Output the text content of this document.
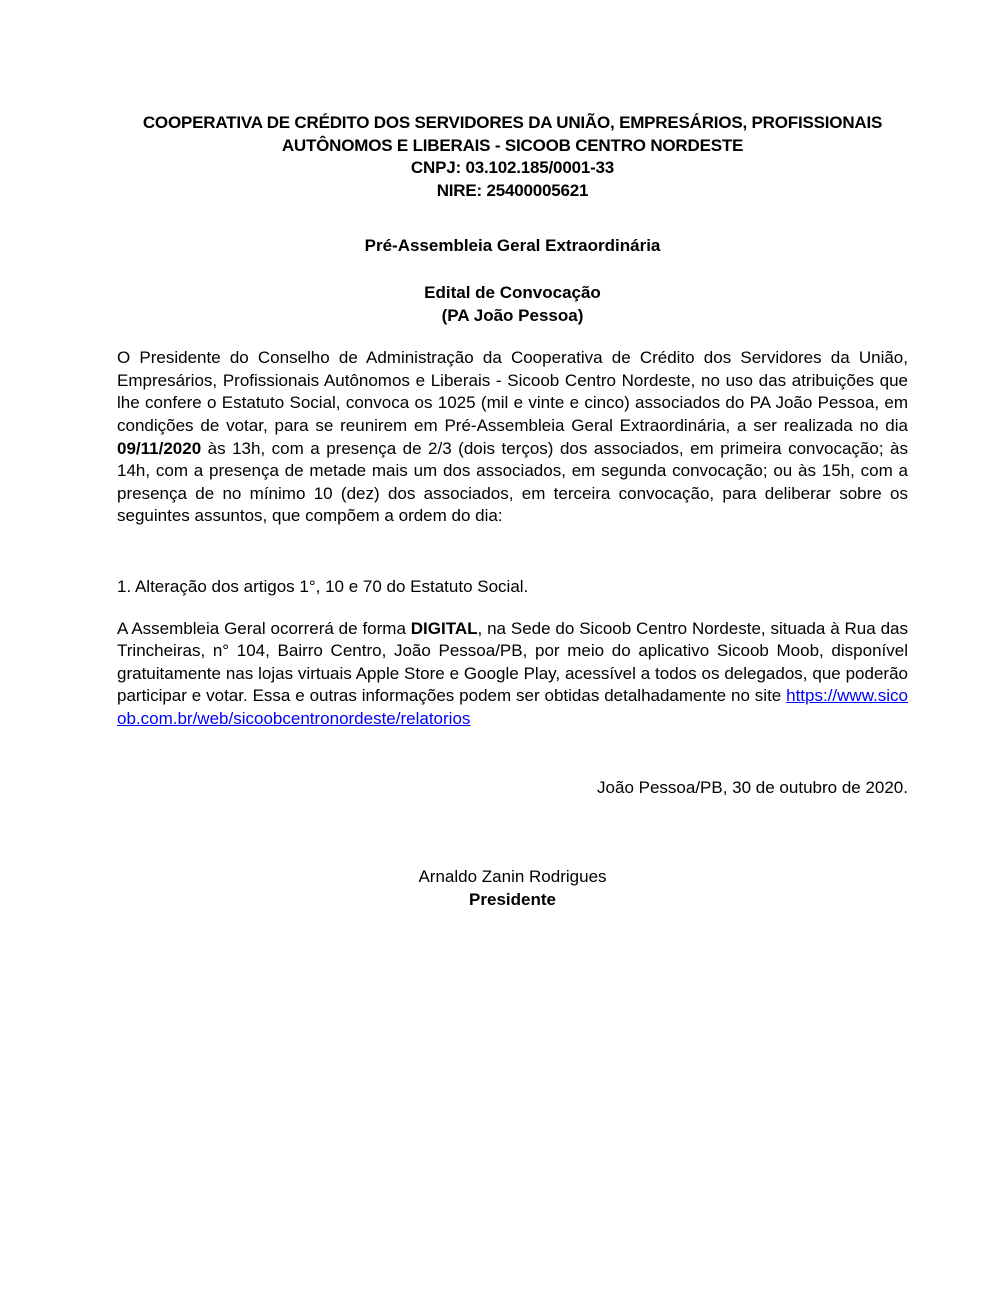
COOPERATIVA DE CRÉDITO DOS SERVIDORES DA UNIÃO, EMPRESÁRIOS, PROFISSIONAIS AUTÔNOMOS E LIBERAIS - SICOOB CENTRO NORDESTE
CNPJ: 03.102.185/0001-33
NIRE: 25400005621
Pré-Assembleia Geral Extraordinária
Edital de Convocação
(PA João Pessoa)

O Presidente do Conselho de Administração da Cooperativa de Crédito dos Servidores da União, Empresários, Profissionais Autônomos e Liberais - Sicoob Centro Nordeste, no uso das atribuições que lhe confere o Estatuto Social, convoca os 1025 (mil e vinte e cinco) associados do PA João Pessoa, em condições de votar, para se reunirem em Pré-Assembleia Geral Extraordinária, a ser realizada no dia 09/11/2020 às 13h, com a presença de 2/3 (dois terços) dos associados, em primeira convocação; às 14h, com a presença de metade mais um dos associados, em segunda convocação; ou às 15h, com a presença de no mínimo 10 (dez) dos associados, em terceira convocação, para deliberar sobre os seguintes assuntos, que compõem a ordem do dia:

1. Alteração dos artigos 1°, 10 e 70 do Estatuto Social.

A Assembleia Geral ocorrerá de forma DIGITAL, na Sede do Sicoob Centro Nordeste, situada à Rua das Trincheiras, n° 104, Bairro Centro, João Pessoa/PB, por meio do aplicativo Sicoob Moob, disponível gratuitamente nas lojas virtuais Apple Store e Google Play, acessível a todos os delegados, que poderão participar e votar. Essa e outras informações podem ser obtidas detalhadamente no site https://www.sicoob.com.br/web/sicoobcentronordeste/relatorios

João Pessoa/PB, 30 de outubro de 2020.
Arnaldo Zanin Rodrigues
Presidente
